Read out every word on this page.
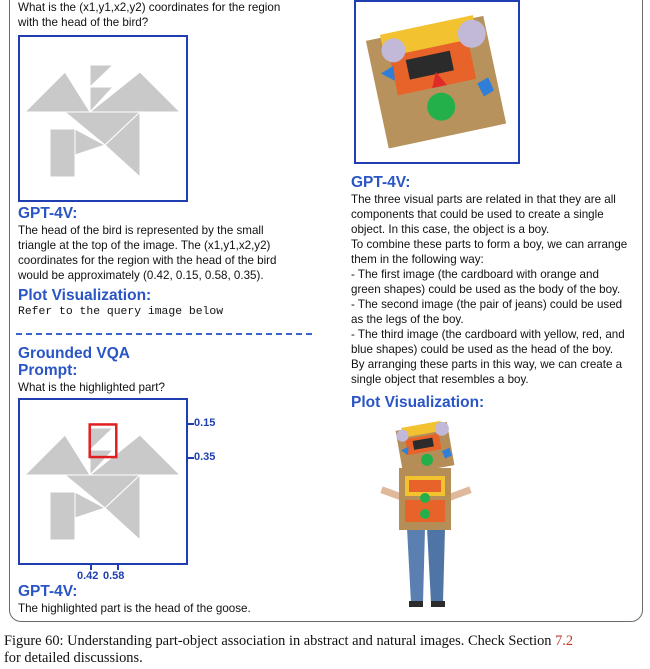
What is the (x1,y1,x2,y2) coordinates for the region
with the head of the bird?
GPT-4V:
The head of the bird is represented by the small
triangle at the top of the image. The (x1,y1,x2,y2)
coordinates for the region with the head of the bird
would be approximately (0.42, 0.15, 0.58, 0.35).
Plot Visualization:
Refer to the query image below
Grounded VQA
Prompt:
What is the highlighted part?
0.15
0.35
0.42 0.58
GPT-4V:
The highlighted part is the head of the goose.
GPT-4V:
The three visual parts are related in that they are all
components that could be used to create a single
object. In this case, the object is a boy.
To combine these parts to form a boy, we can arrange
them in the following way:
- The first image (the cardboard with orange and
green shapes) could be used as the body of the boy.
- The second image (the pair of jeans) could be used
as the legs of the boy.
- The third image (the cardboard with yellow, red, and
blue shapes) could be used as the head of the boy.
By arranging these parts in this way, we can create a
single object that resembles a boy.
Plot Visualization:
Figure 60: Understanding part-object association in abstract and natural images. Check Section 7.2
for detailed discussions.
